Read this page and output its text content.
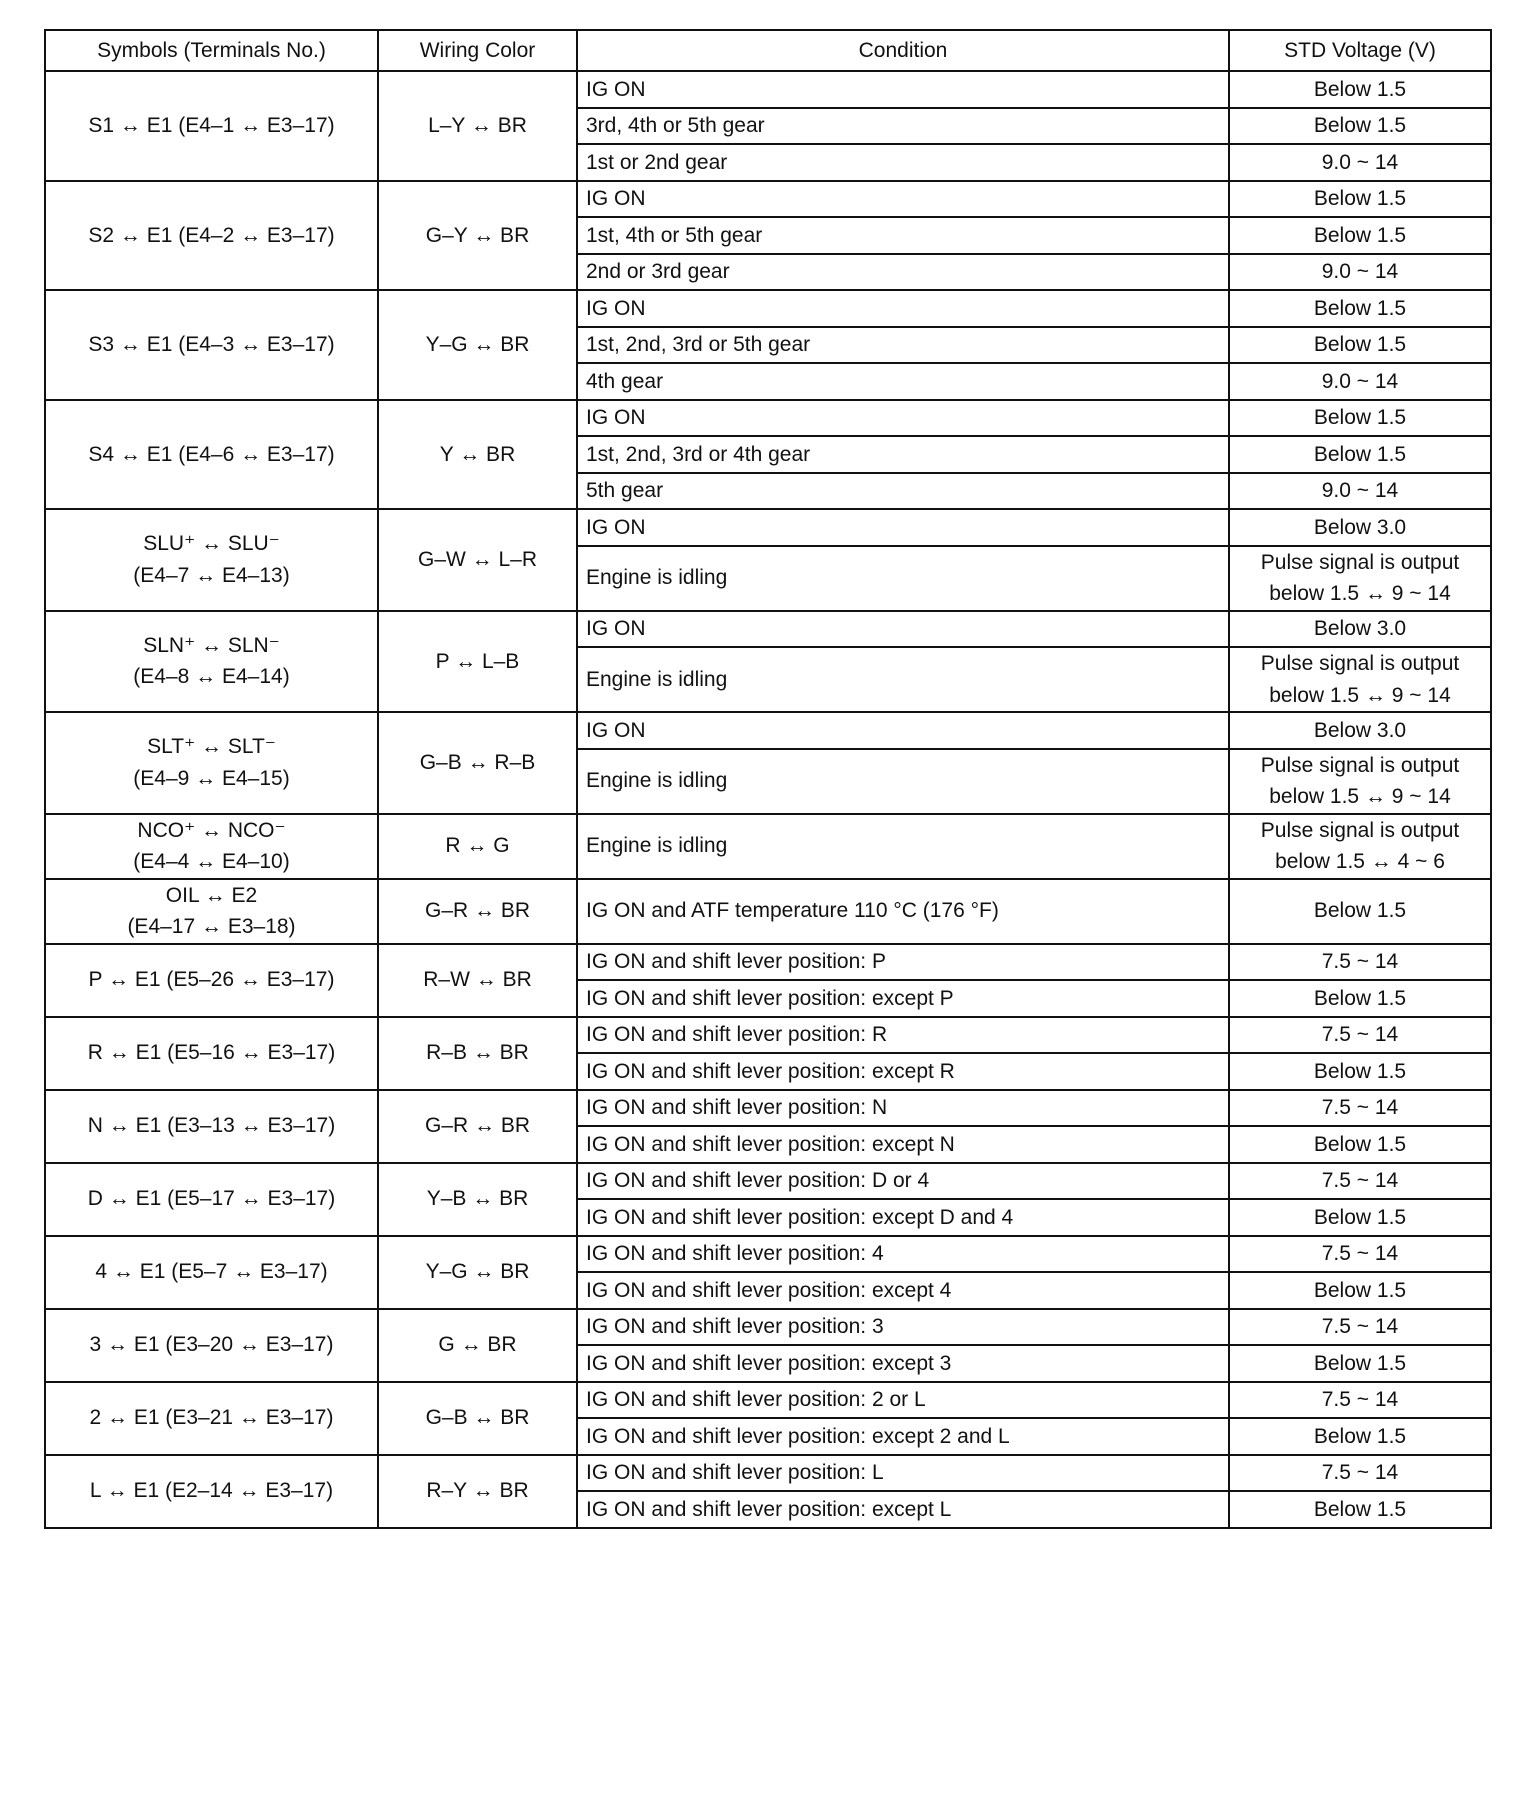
Symbols (Terminals No.)	Wiring Color	Condition	STD Voltage (V)

S1 ↔ E1 (E4–1 ↔ E3–17)	L–Y ↔ BR	IG ON	Below 1.5

		3rd, 4th or 5th gear	Below 1.5

		1st or 2nd gear	9.0 ~ 14

S2 ↔ E1 (E4–2 ↔ E3–17)	G–Y ↔ BR	IG ON	Below 1.5

		1st, 4th or 5th gear	Below 1.5

		2nd or 3rd gear	9.0 ~ 14

S3 ↔ E1 (E4–3 ↔ E3–17)	Y–G ↔ BR	IG ON	Below 1.5

		1st, 2nd, 3rd or 5th gear	Below 1.5

		4th gear	9.0 ~ 14

S4 ↔ E1 (E4–6 ↔ E3–17)	Y ↔ BR	IG ON	Below 1.5

		1st, 2nd, 3rd or 4th gear	Below 1.5

		5th gear	9.0 ~ 14

SLU⁺ ↔ SLU⁻
(E4–7 ↔ E4–13)	G–W ↔ L–R	IG ON	Below 3.0

		Engine is idling	Pulse signal is output
below 1.5 ↔ 9 ~ 14

SLN⁺ ↔ SLN⁻
(E4–8 ↔ E4–14)	P ↔ L–B	IG ON	Below 3.0

		Engine is idling	Pulse signal is output
below 1.5 ↔ 9 ~ 14

SLT⁺ ↔ SLT⁻
(E4–9 ↔ E4–15)	G–B ↔ R–B	IG ON	Below 3.0

		Engine is idling	Pulse signal is output
below 1.5 ↔ 9 ~ 14

NCO⁺ ↔ NCO⁻
(E4–4 ↔ E4–10)	R ↔ G	Engine is idling	Pulse signal is output
below 1.5 ↔ 4 ~ 6

OIL ↔ E2
(E4–17 ↔ E3–18)	G–R ↔ BR	IG ON and ATF temperature 110 °C (176 °F)	Below 1.5

P ↔ E1 (E5–26 ↔ E3–17)	R–W ↔ BR	IG ON and shift lever position: P	7.5 ~ 14

		IG ON and shift lever position: except P	Below 1.5

R ↔ E1 (E5–16 ↔ E3–17)	R–B ↔ BR	IG ON and shift lever position: R	7.5 ~ 14

		IG ON and shift lever position: except R	Below 1.5

N ↔ E1 (E3–13 ↔ E3–17)	G–R ↔ BR	IG ON and shift lever position: N	7.5 ~ 14

		IG ON and shift lever position: except N	Below 1.5

D ↔ E1 (E5–17 ↔ E3–17)	Y–B ↔ BR	IG ON and shift lever position: D or 4	7.5 ~ 14

		IG ON and shift lever position: except D and 4	Below 1.5

4 ↔ E1 (E5–7 ↔ E3–17)	Y–G ↔ BR	IG ON and shift lever position: 4	7.5 ~ 14

		IG ON and shift lever position: except 4	Below 1.5

3 ↔ E1 (E3–20 ↔ E3–17)	G ↔ BR	IG ON and shift lever position: 3	7.5 ~ 14

		IG ON and shift lever position: except 3	Below 1.5

2 ↔ E1 (E3–21 ↔ E3–17)	G–B ↔ BR	IG ON and shift lever position: 2 or L	7.5 ~ 14

		IG ON and shift lever position: except 2 and L	Below 1.5

L ↔ E1 (E2–14 ↔ E3–17)	R–Y ↔ BR	IG ON and shift lever position: L	7.5 ~ 14

		IG ON and shift lever position: except L	Below 1.5
